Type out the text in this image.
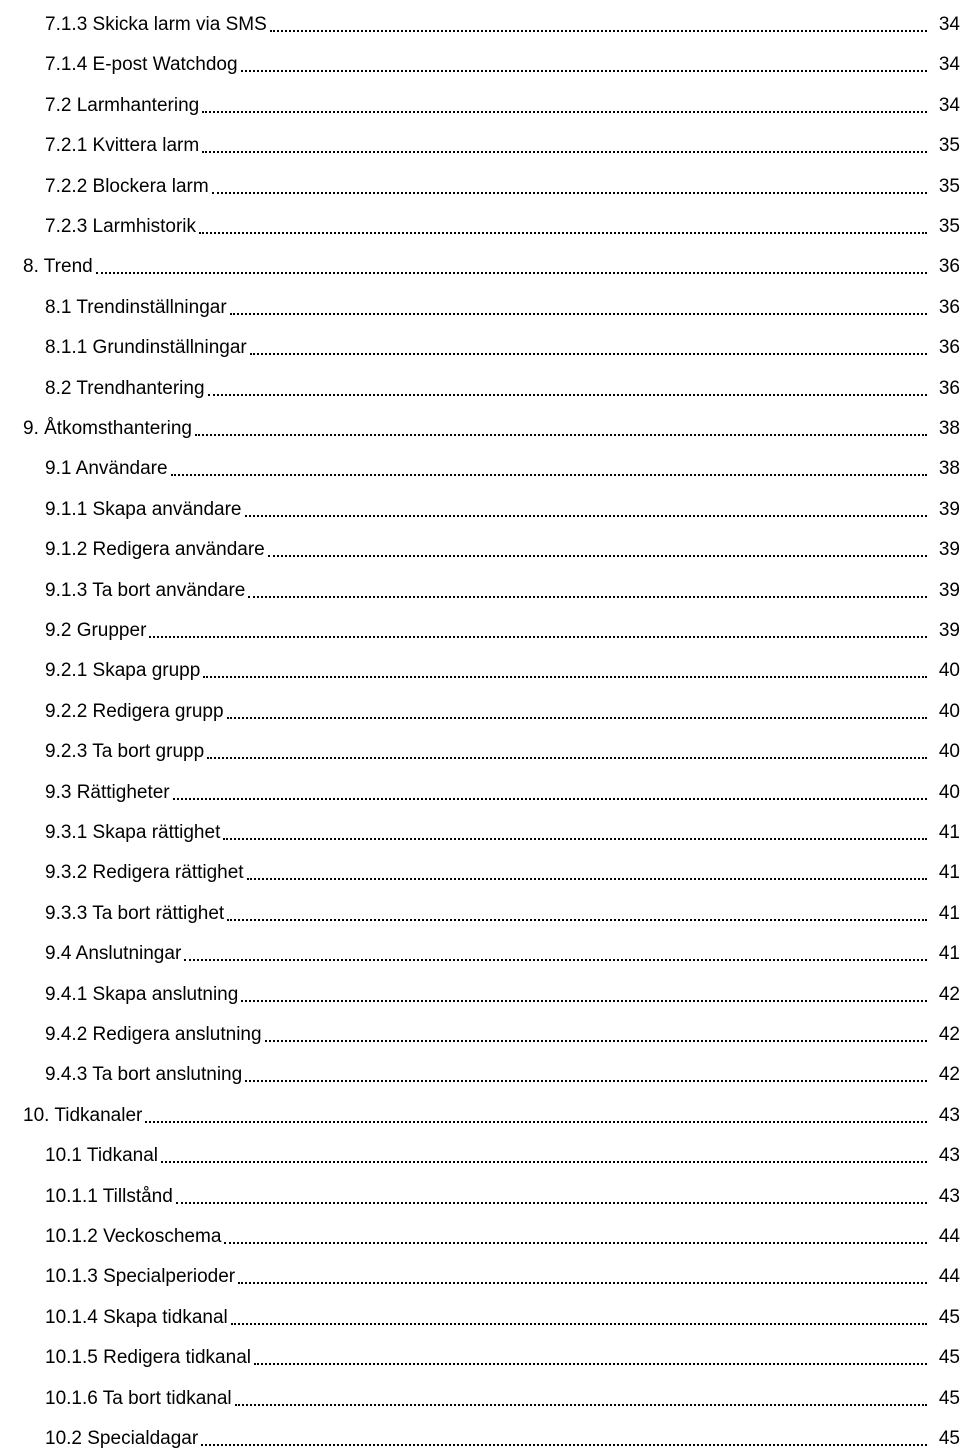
7.1.3 Skicka larm via SMS	34
7.1.4 E-post Watchdog	34
7.2 Larmhantering	34
7.2.1 Kvittera larm	35
7.2.2 Blockera larm	35
7.2.3 Larmhistorik	35
8. Trend	36
8.1 Trendinställningar	36
8.1.1 Grundinställningar	36
8.2 Trendhantering	36
9. Åtkomsthantering	38
9.1 Användare	38
9.1.1 Skapa användare	39
9.1.2 Redigera användare	39
9.1.3 Ta bort användare	39
9.2 Grupper	39
9.2.1 Skapa grupp	40
9.2.2 Redigera grupp	40
9.2.3 Ta bort grupp	40
9.3 Rättigheter	40
9.3.1 Skapa rättighet	41
9.3.2 Redigera rättighet	41
9.3.3 Ta bort rättighet	41
9.4 Anslutningar	41
9.4.1 Skapa anslutning	42
9.4.2 Redigera anslutning	42
9.4.3 Ta bort anslutning	42
10. Tidkanaler	43
10.1 Tidkanal	43
10.1.1 Tillstånd	43
10.1.2 Veckoschema	44
10.1.3 Specialperioder	44
10.1.4 Skapa tidkanal	45
10.1.5 Redigera tidkanal	45
10.1.6 Ta bort tidkanal	45
10.2 Specialdagar	45
